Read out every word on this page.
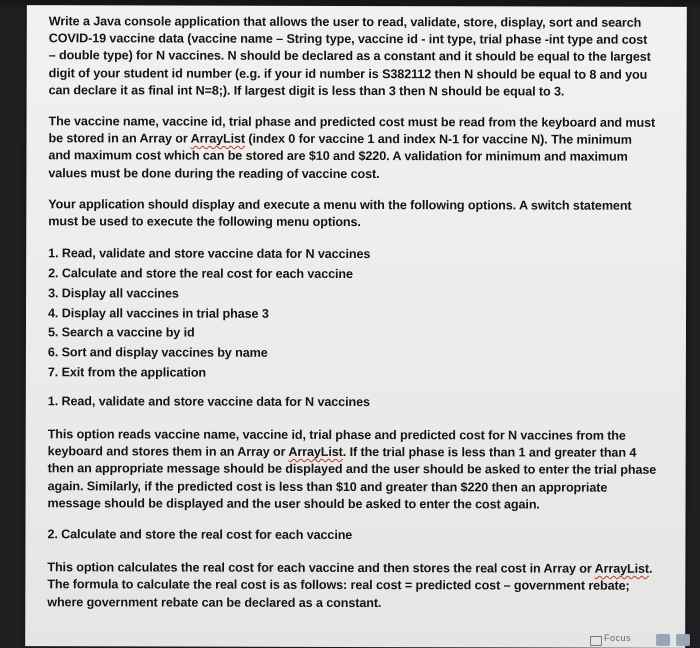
Write a Java console application that allows the user to read, validate, store, display, sort and search
COVID-19 vaccine data (vaccine name – String type, vaccine id - int type, trial phase -int type and cost
– double type) for N vaccines. N should be declared as a constant and it should be equal to the largest
digit of your student id number (e.g. if your id number is S382112 then N should be equal to 8 and you
can declare it as final int N=8;). If largest digit is less than 3 then N should be equal to 3.
The vaccine name, vaccine id, trial phase and predicted cost must be read from the keyboard and must
be stored in an Array or ArrayList (index 0 for vaccine 1 and index N-1 for vaccine N). The minimum
and maximum cost which can be stored are $10 and $220. A validation for minimum and maximum
values must be done during the reading of vaccine cost.
Your application should display and execute a menu with the following options. A switch statement
must be used to execute the following menu options.
1. Read, validate and store vaccine data for N vaccines
2. Calculate and store the real cost for each vaccine
3. Display all vaccines
4. Display all vaccines in trial phase 3
5. Search a vaccine by id
6. Sort and display vaccines by name
7. Exit from the application
1. Read, validate and store vaccine data for N vaccines
This option reads vaccine name, vaccine id, trial phase and predicted cost for N vaccines from the
keyboard and stores them in an Array or ArrayList. If the trial phase is less than 1 and greater than 4
then an appropriate message should be displayed and the user should be asked to enter the trial phase
again. Similarly, if the predicted cost is less than $10 and greater than $220 then an appropriate
message should be displayed and the user should be asked to enter the cost again.
2. Calculate and store the real cost for each vaccine
This option calculates the real cost for each vaccine and then stores the real cost in Array or ArrayList.
The formula to calculate the real cost is as follows: real cost = predicted cost – government rebate;
where government rebate can be declared as a constant.
Focus
